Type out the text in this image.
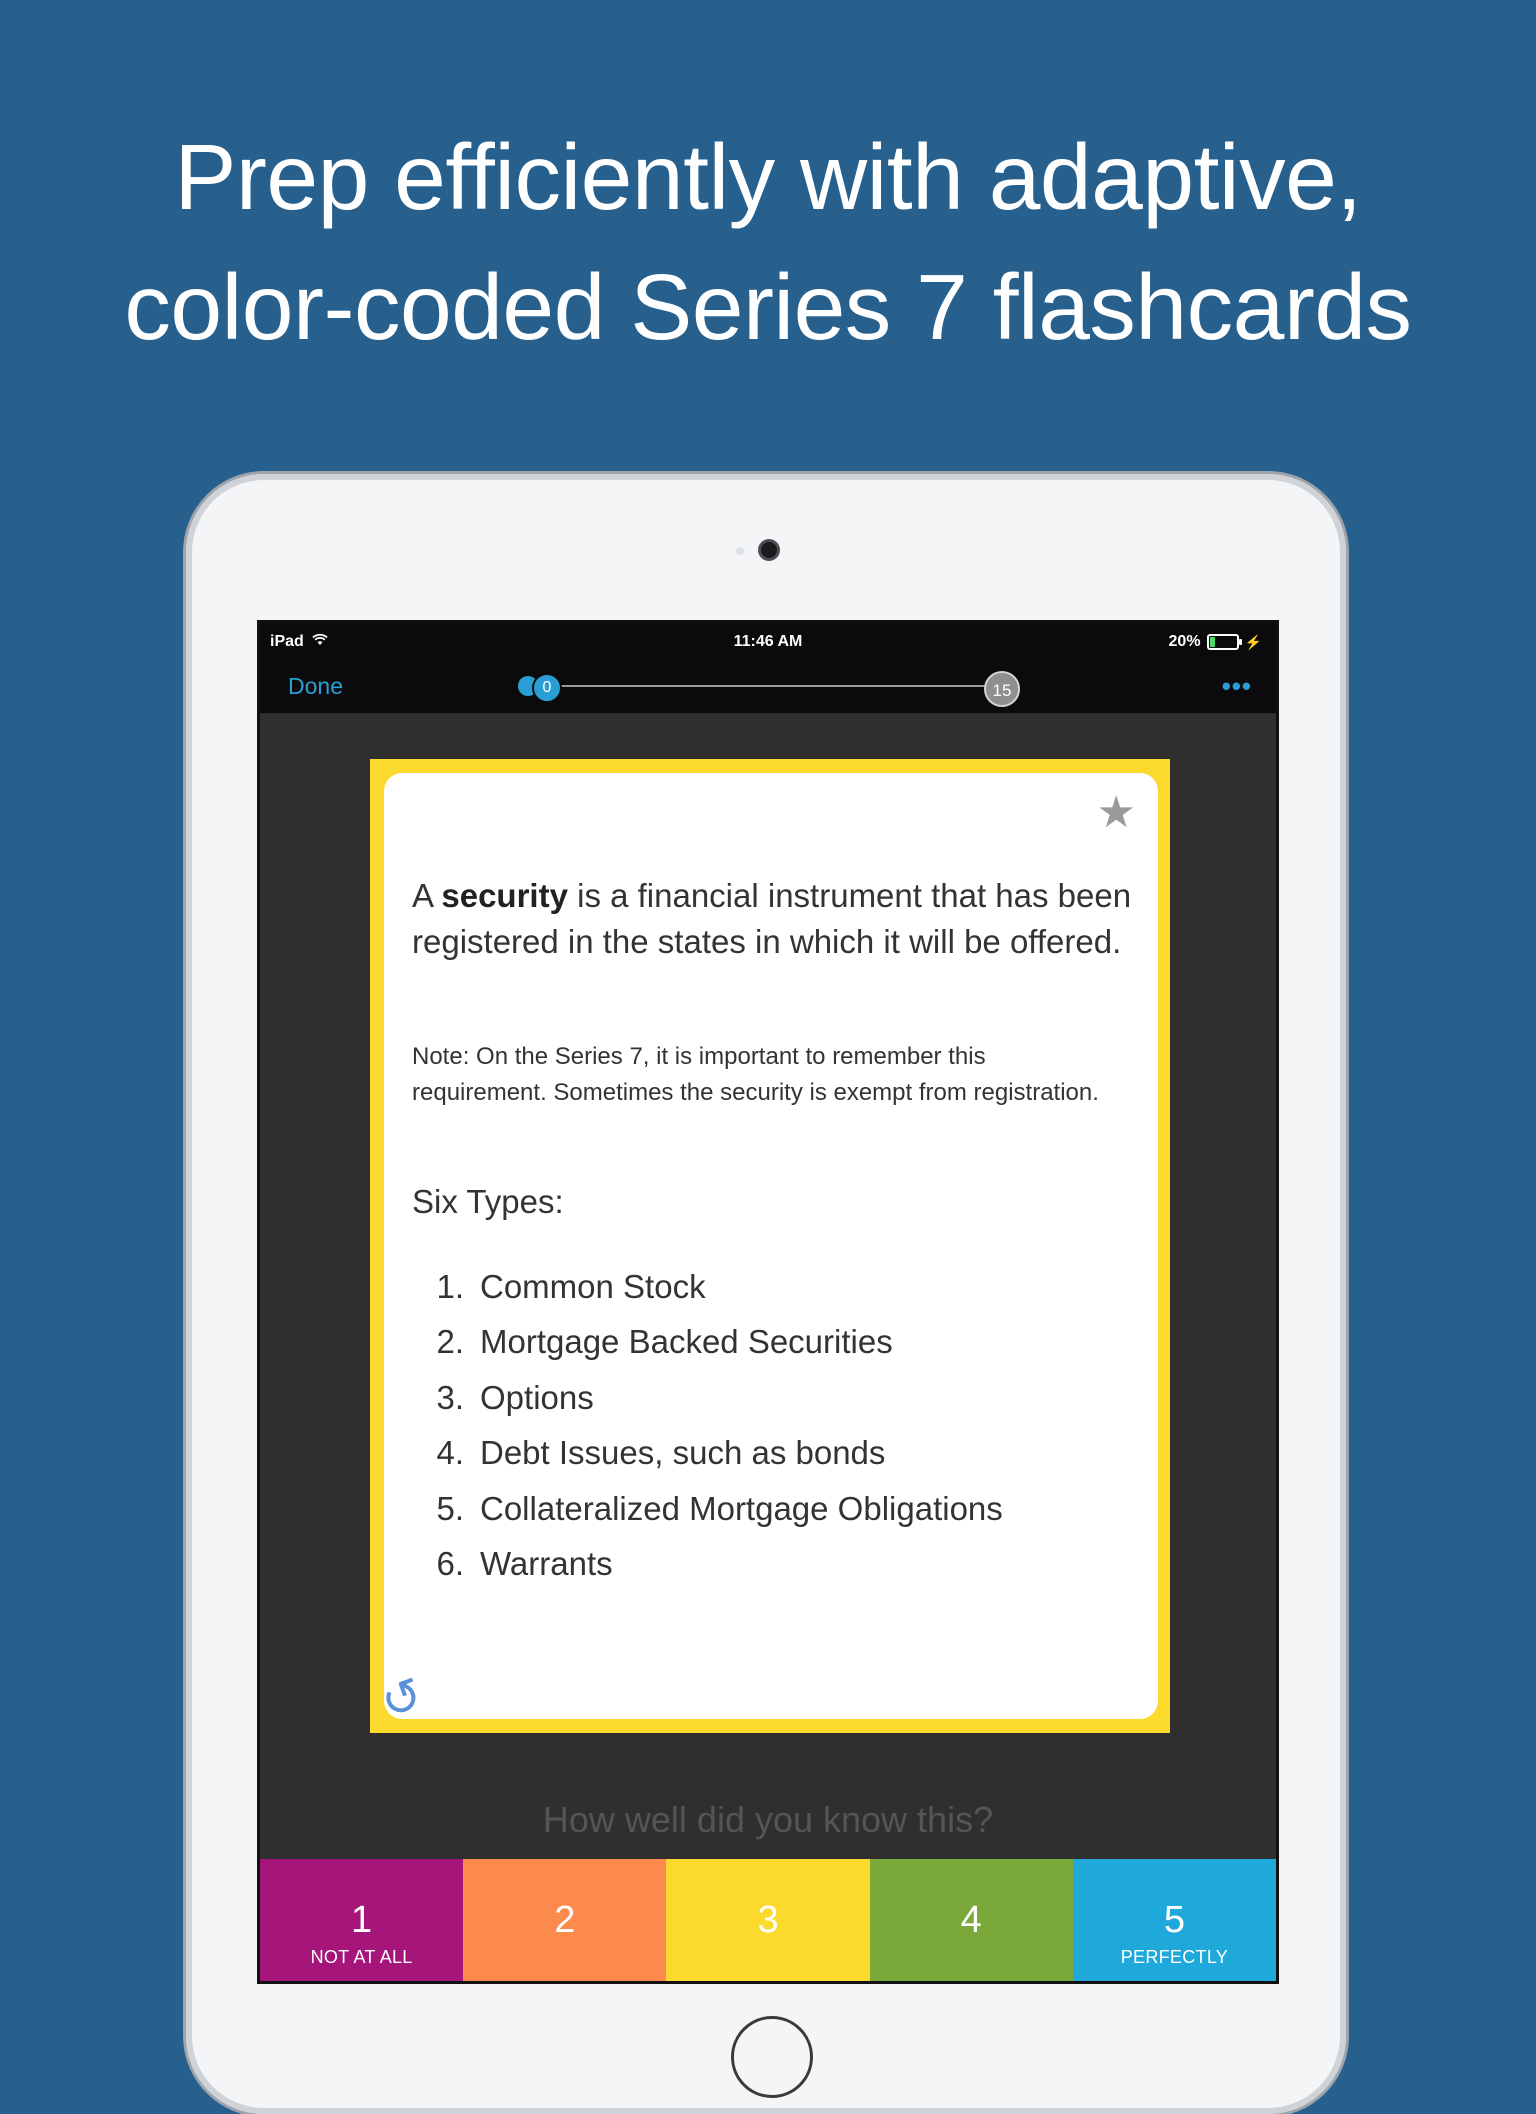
Prep efficiently with adaptive,
color-coded Series 7 flashcards
iPad	11:46 AM	20%	⚡
Done	0	15	•••
★
A security is a financial instrument that has been registered in the states in which it will be offered.
Note: On the Series 7, it is important to remember this requirement. Sometimes the security is exempt from registration.
Six Types:
1. Common Stock
2. Mortgage Backed Securities
3. Options
4. Debt Issues, such as bonds
5. Collateralized Mortgage Obligations
6. Warrants
↺
How well did you know this?
1
NOT AT ALL
2	3	4	5
PERFECTLY
